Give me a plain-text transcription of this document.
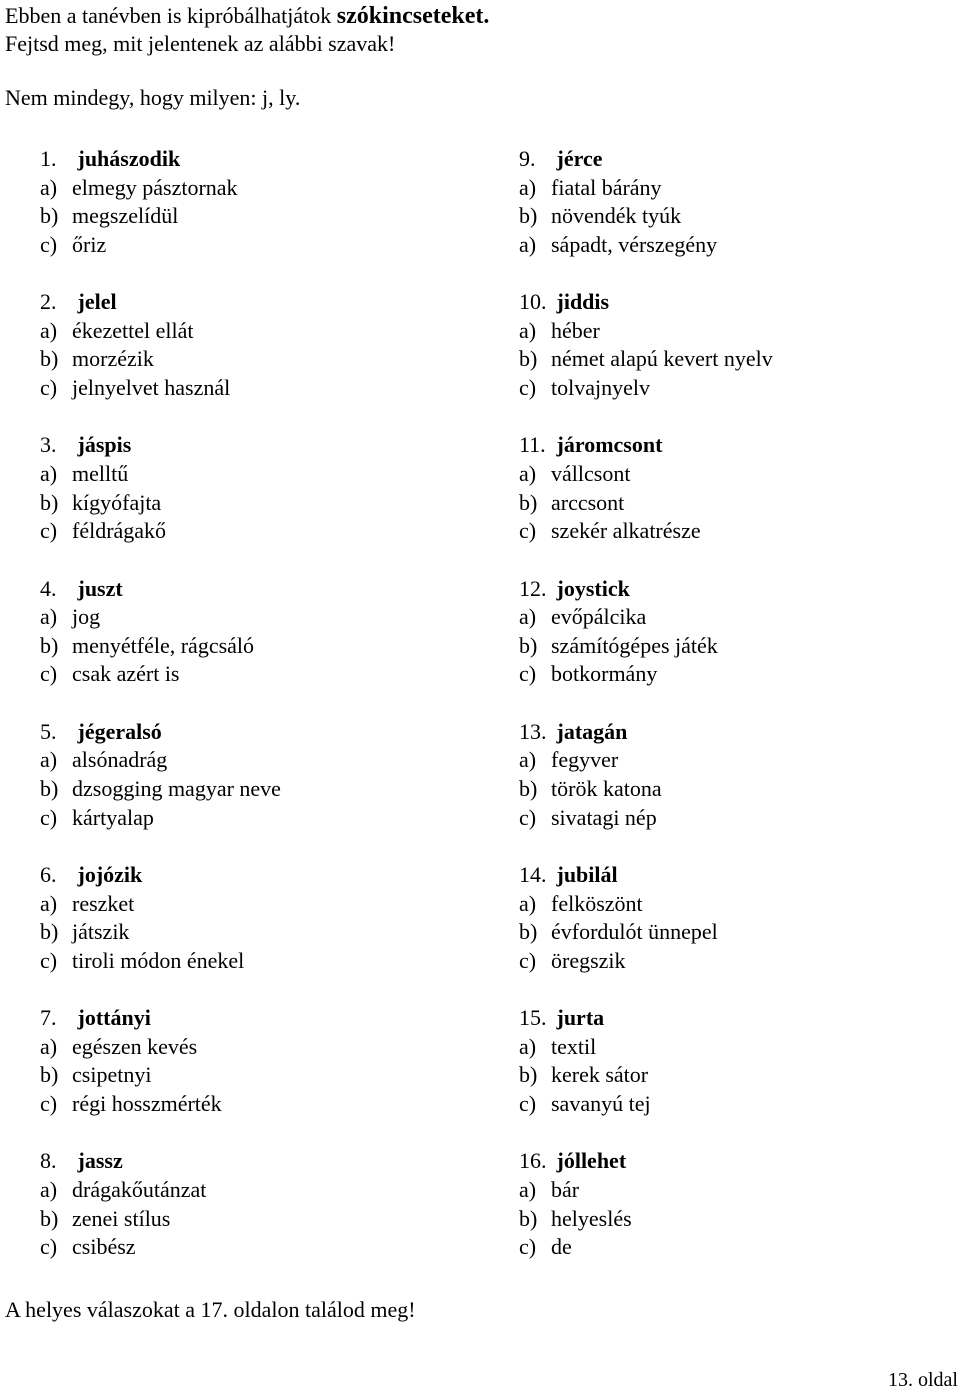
Ebben a tanévben is kipróbálhatjátok szókincseteket.

Fejtsd meg, mit jelentenek az alábbi szavak!

Nem mindegy, hogy milyen: j, ly.

1. juhászodik
a) elmegy pásztornak
b) megszelídül
c) őriz
2. jelel
a) ékezettel ellát
b) morzézik
c) jelnyelvet használ
3. jáspis
a) melltű
b) kígyófajta
c) féldrágakő
4. juszt
a) jog
b) menyétféle, rágcsáló
c) csak azért is
5. jégeralsó
a) alsónadrág
b) dzsogging magyar neve
c) kártyalap
6. jojózik
a) reszket
b) játszik
c) tiroli módon énekel
7. jottányi
a) egészen kevés
b) csipetnyi
c) régi hosszmérték
8. jassz
a) drágakőutánzat
b) zenei stílus
c) csibész
9. jérce
a) fiatal bárány
b) növendék tyúk
a) sápadt, vérszegény
10. jiddis
a) héber
b) német alapú kevert nyelv
c) tolvajnyelv
11. járomcsont
a) vállcsont
b) arccsont
c) szekér alkatrésze
12. joystick
a) evőpálcika
b) számítógépes játék
c) botkormány
13. jatagán
a) fegyver
b) török katona
c) sivatagi nép
14. jubilál
a) felköszönt
b) évfordulót ünnepel
c) öregszik
15. jurta
a) textil
b) kerek sátor
c) savanyú tej
16. jóllehet
a) bár
b) helyeslés
c) de
A helyes válaszokat a 17. oldalon találod meg!
13. oldal
